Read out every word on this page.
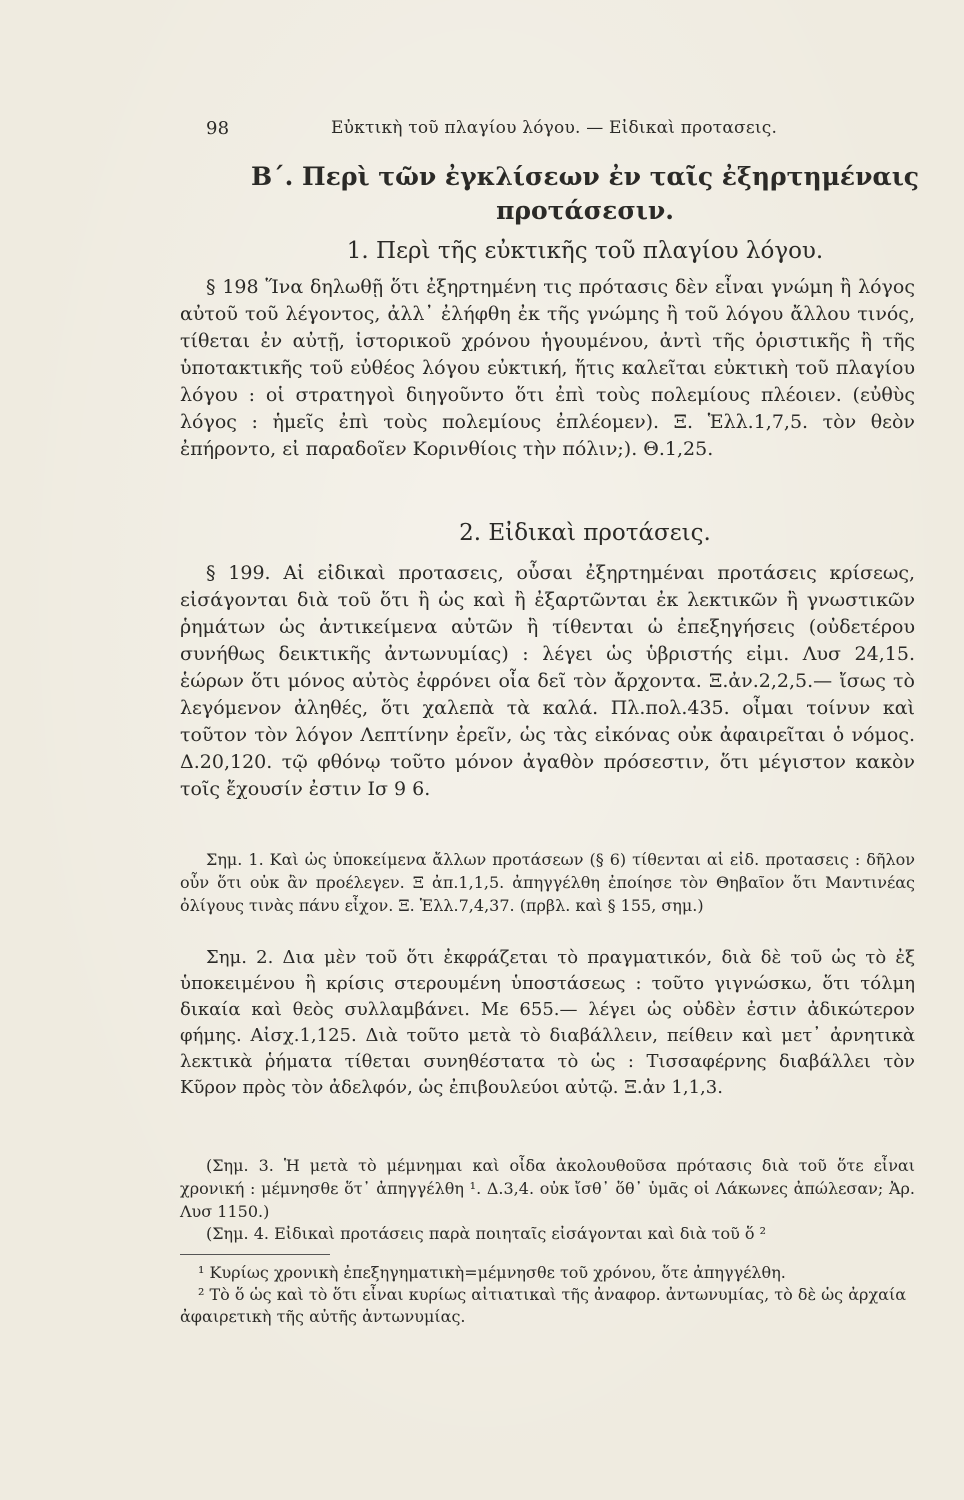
98	Εὐκτικὴ τοῦ πλαγίου λόγου. — Εἰδικαὶ προτασεις.
Β΄. Περὶ τῶν ἐγκλίσεων ἐν ταῖς ἐξηρτημέναις
προτάσεσιν.
1. Περὶ τῆς εὐκτικῆς τοῦ πλαγίου λόγου.

§ 198 Ἵνα δηλωθῇ ὅτι ἐξηρτημένη τις πρότασις δὲν εἶναι γνώμη ἢ λόγος αὐτοῦ τοῦ λέγοντος, ἀλλ᾽ ἐλήφθη ἐκ τῆς γνώμης ἢ τοῦ λόγου ἄλλου τινός, τίθεται ἐν αὐτῇ, ἱστορικοῦ χρόνου ἡγουμένου, ἀντὶ τῆς ὁριστικῆς ἢ τῆς ὑποτακτικῆς τοῦ εὐθέος λόγου εὐκτική, ἥτις καλεῖται εὐκτικὴ τοῦ πλαγίου λόγου : οἱ στρατηγοὶ διηγοῦντο ὅτι ἐπὶ τοὺς πολεμίους πλέοιεν. (εὐθὺς λόγος : ἡμεῖς ἐπὶ τοὺς πολεμίους ἐπλέομεν). Ξ. Ἑλλ.1,7,5. τὸν θεὸν ἐπήροντο, εἰ παραδοῖεν Κορινθίοις τὴν πόλιν;). Θ.1,25.

2. Εἰδικαὶ προτάσεις.

§ 199. Αἱ εἰδικαὶ προτασεις, οὖσαι ἐξηρτημέναι προτάσεις κρίσεως, εἰσάγονται διὰ τοῦ ὅτι ἢ ὡς καὶ ἢ ἐξαρτῶνται ἐκ λεκτικῶν ἢ γνωστικῶν ῥημάτων ὡς ἀντικείμενα αὐτῶν ἢ τίθενται ὡ ἐπεξηγήσεις (οὐδετέρου συνήθως δεικτικῆς ἀντωνυμίας) : λέγει ὡς ὑβριστής εἰμι. Λυσ 24,15. ἑώρων ὅτι μόνος αὐτὸς ἐφρόνει οἷα δεῖ τὸν ἄρχοντα. Ξ.ἀν.2,2,5.— ἴσως τὸ λεγόμενον ἀληθές, ὅτι χαλεπὰ τὰ καλά. Πλ.πολ.435. οἶμαι τοίνυν καὶ τοῦτον τὸν λόγον Λεπτίνην ἐρεῖν, ὡς τὰς εἰκόνας οὐκ ἀφαιρεῖται ὁ νόμος. Δ.20,120. τῷ φθόνῳ τοῦτο μόνον ἀγαθὸν πρόσεστιν, ὅτι μέγιστον κακὸν τοῖς ἔχουσίν ἐστιν Ισ 9 6.

Σημ. 1. Καὶ ὡς ὑποκείμενα ἄλλων προτάσεων (§ 6) τίθενται αἱ εἰδ. προτασεις : δῆλον οὖν ὅτι οὐκ ἂν προέλεγεν. Ξ ἀπ.1,1,5. ἀπηγγέλθη ἐποίησε τὸν Θηβαῖον ὅτι Μαντινέας ὀλίγους τινὰς πάνυ εἶχον. Ξ. Ἑλλ.7,4,37. (πρβλ. καὶ § 155, σημ.)

Σημ. 2. Δια μὲν τοῦ ὅτι ἐκφράζεται τὸ πραγματικόν, διὰ δὲ τοῦ ὡς τὸ ἐξ ὑποκειμένου ἢ κρίσις στερουμένη ὑποστάσεως : τοῦτο γιγνώσκω, ὅτι τόλμη δικαία καὶ θεὸς συλλαμβάνει. Με 655.— λέγει ὡς οὐδὲν ἐστιν ἀδικώτερον φήμης. Αἰσχ.1,125. Διὰ τοῦτο μετὰ τὸ διαβάλλειν, πείθειν καὶ μετ᾽ ἀρνητικὰ λεκτικὰ ῥήματα τίθεται συνηθέστατα τὸ ὡς : Τισσαφέρνης διαβάλλει τὸν Κῦρον πρὸς τὸν ἀδελφόν, ὡς ἐπιβουλεύοι αὐτῷ. Ξ.ἀν 1,1,3.

(Σημ. 3. Ἡ μετὰ τὸ μέμνημαι καὶ οἶδα ἀκολουθοῦσα πρότασις διὰ τοῦ ὅτε εἶναι χρονική : μέμνησθε ὅτ᾽ ἀπηγγέλθη ¹. Δ.3,4. οὐκ ἴσθ᾽ ὅθ᾽ ὑμᾶς οἱ Λάκωνες ἀπώλεσαν; Ἀρ. Λυσ 1150.)

(Σημ. 4. Εἰδικαὶ προτάσεις παρὰ ποιηταῖς εἰσάγονται καὶ διὰ τοῦ ὅ ²

¹ Κυρίως χρονικὴ ἐπεξηγηματικὴ=μέμνησθε τοῦ χρόνου, ὅτε ἀπηγγέλθη.

² Τὸ ὅ ὡς καὶ τὸ ὅτι εἶναι κυρίως αἰτιατικαὶ τῆς ἀναφορ. ἀντωνυμίας, τὸ δὲ ὡς ἀρχαία ἀφαιρετικὴ τῆς αὐτῆς ἀντωνυμίας.
